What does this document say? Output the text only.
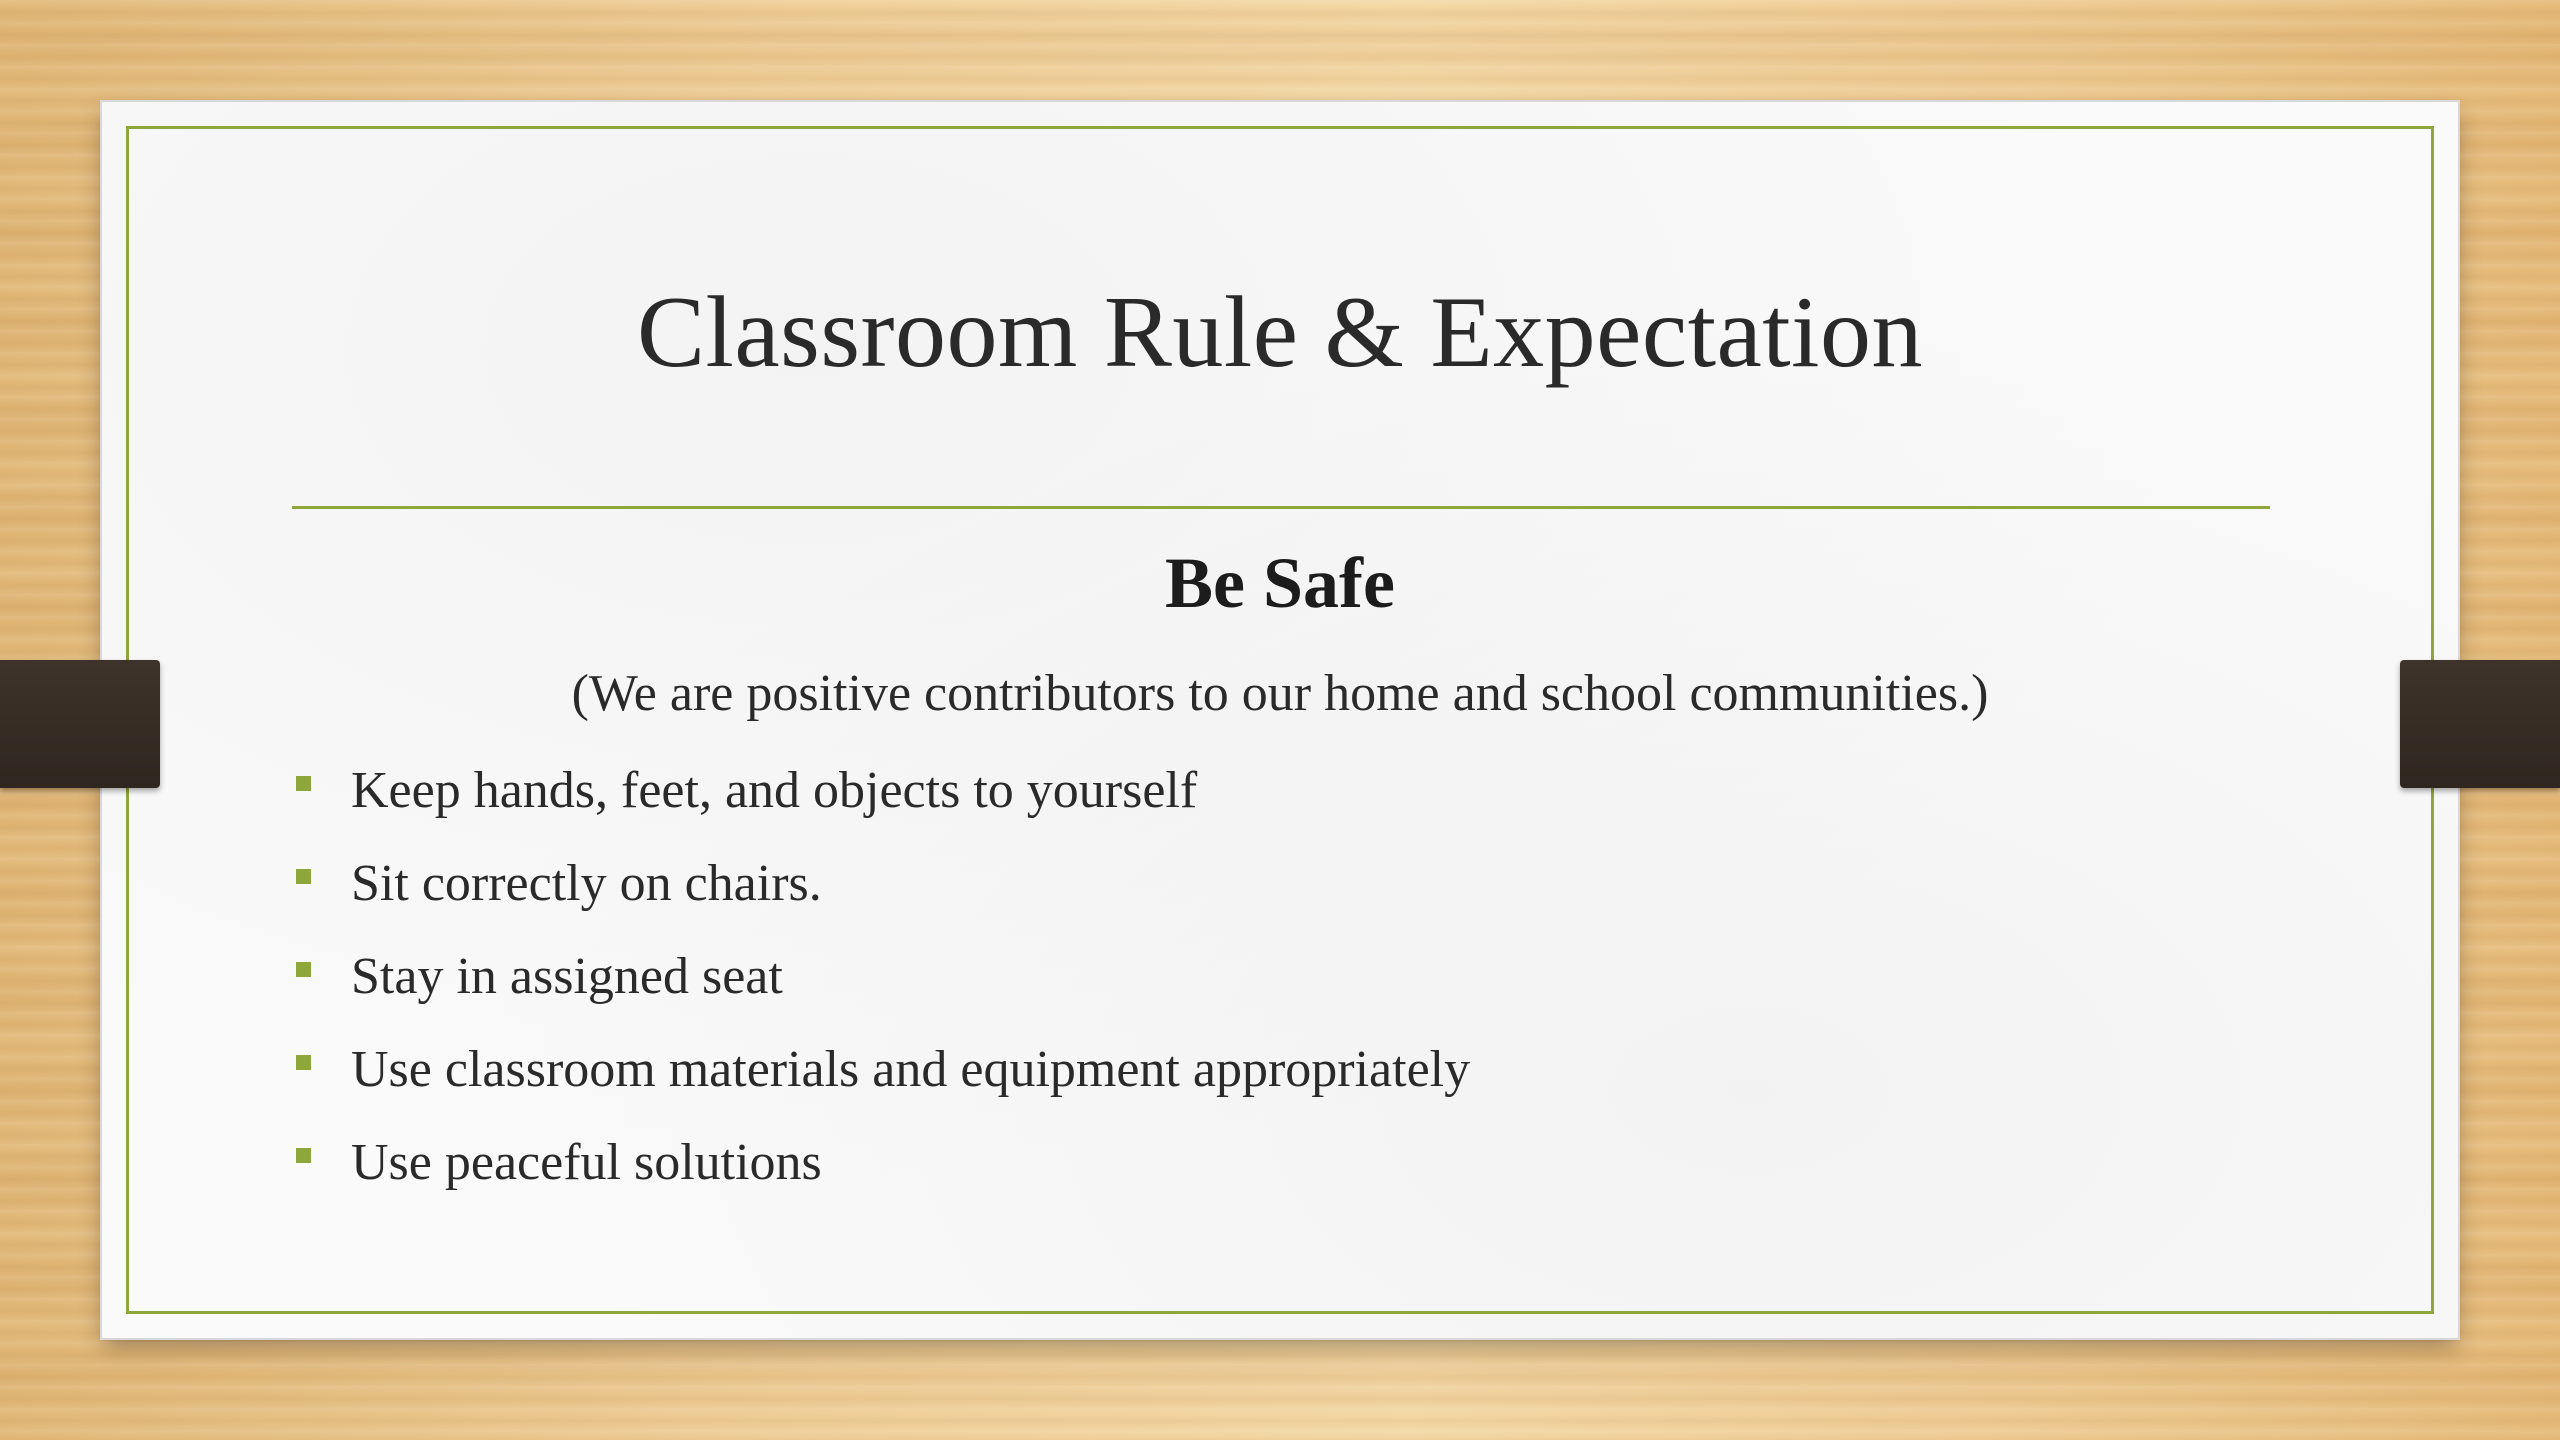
Classroom Rule & Expectation
Be Safe
(We are positive contributors to our home and school communities.)
Keep hands, feet, and objects to yourself
Sit correctly on chairs.
Stay in assigned seat
Use classroom materials and equipment appropriately
Use peaceful solutions
